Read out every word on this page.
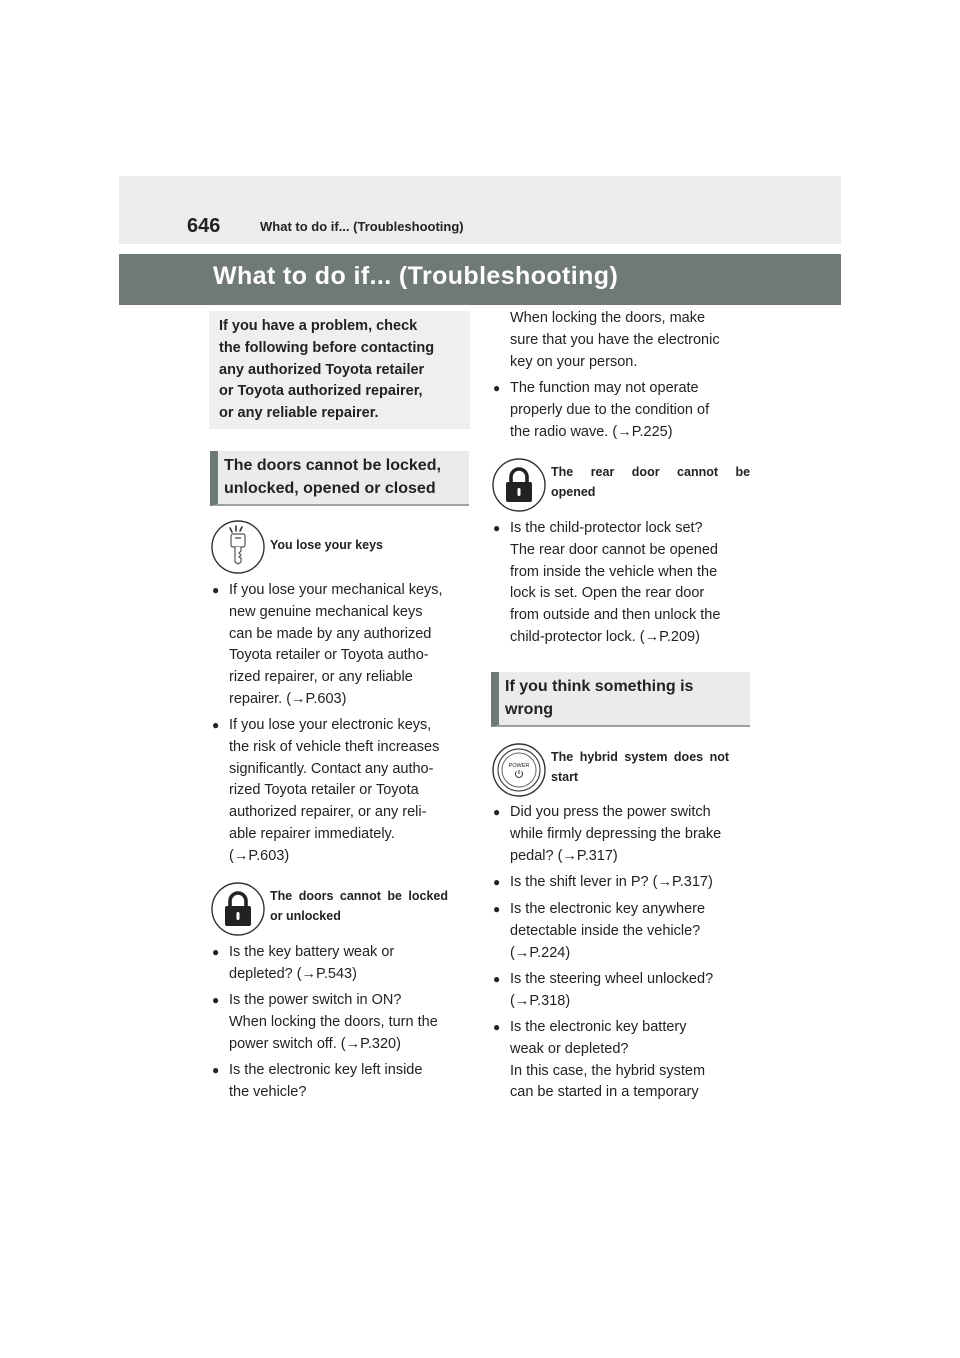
646	What to do if... (Troubleshooting)
What to do if... (Troubleshooting)
If you have a problem, check
the following before contacting
any authorized Toyota retailer
or Toyota authorized repairer,
or any reliable repairer.
The doors cannot be locked,
unlocked, opened or closed
You lose your keys
● If you lose your mechanical keys,
new genuine mechanical keys
can be made by any authorized
Toyota retailer or Toyota autho-
rized repairer, or any reliable
repairer. (→P.603)
● If you lose your electronic keys,
the risk of vehicle theft increases
significantly. Contact any autho-
rized Toyota retailer or Toyota
authorized repairer, or any reli-
able repairer immediately.
(→P.603)
The doors cannot be locked
or unlocked
● Is the key battery weak or
depleted? (→P.543)
● Is the power switch in ON?
When locking the doors, turn the
power switch off. (→P.320)
● Is the electronic key left inside
the vehicle?
When locking the doors, make
sure that you have the electronic
key on your person.
● The function may not operate
properly due to the condition of
the radio wave. (→P.225)
The rear door cannot be
opened
● Is the child-protector lock set?
The rear door cannot be opened
from inside the vehicle when the
lock is set. Open the rear door
from outside and then unlock the
child-protector lock. (→P.209)
If you think something is
wrong
POWER
The hybrid system does not
start
● Did you press the power switch
while firmly depressing the brake
pedal? (→P.317)
● Is the shift lever in P? (→P.317)
● Is the electronic key anywhere
detectable inside the vehicle?
(→P.224)
● Is the steering wheel unlocked?
(→P.318)
● Is the electronic key battery
weak or depleted?
In this case, the hybrid system
can be started in a temporary
